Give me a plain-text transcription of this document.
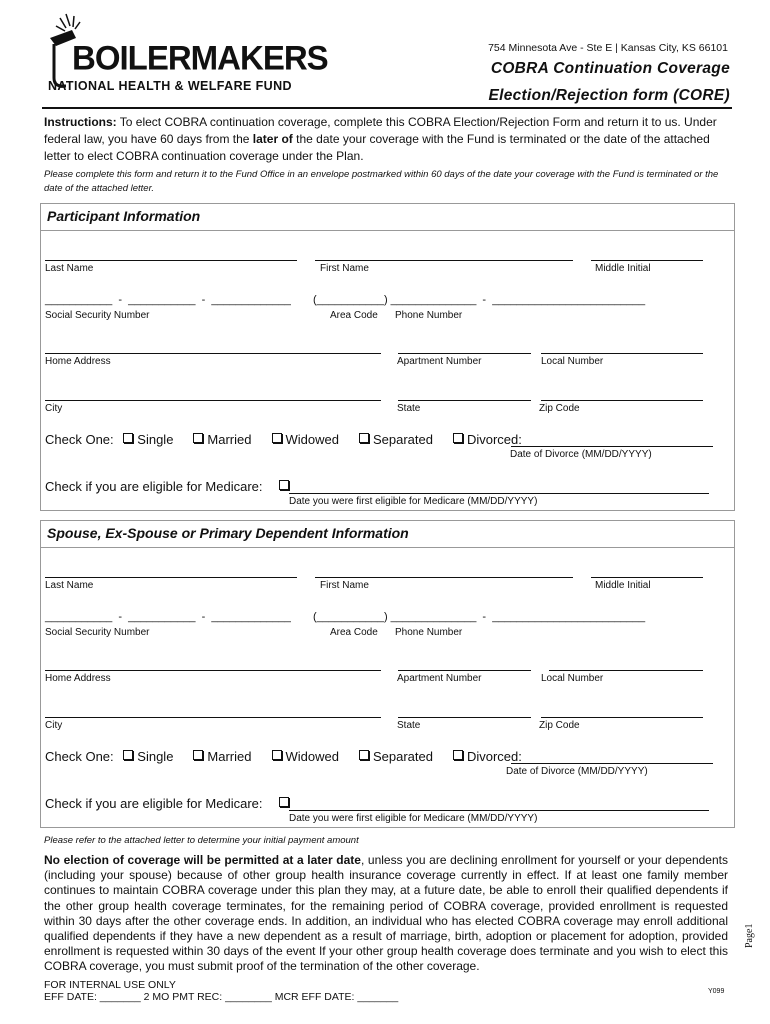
BOILERMAKERS
NATIONAL HEALTH & WELFARE FUND
754 Minnesota Ave - Ste E | Kansas City, KS 66101
COBRA Continuation Coverage
Election/Rejection form (CORE)
Instructions: To elect COBRA continuation coverage, complete this COBRA Election/Rejection Form and return it to us. Under federal law, you have 60 days from the later of the date your coverage with the Fund is terminated or the date of the attached letter to elect COBRA continuation coverage under the Plan.
Please complete this form and return it to the Fund Office in an envelope postmarked within 60 days of the date your coverage with the Fund is terminated or the date of the attached letter.
Participant Information
Last Name	First Name	Middle Initial
___________  -  ___________  -  _____________ (___________) ______________  -  _________________________
Social Security Number	Area Code Phone Number
Home Address	Apartment Number	Local Number
City	State	Zip Code
Check One: Single	Married	Widowed	Separated	Divorced:
Date of Divorce (MM/DD/YYYY)
Check if you are eligible for Medicare:
Date you were first eligible for Medicare (MM/DD/YYYY)
Spouse, Ex-Spouse or Primary Dependent Information
Last Name	First Name	Middle Initial
___________  -  ___________  -  _____________ (___________) ______________  -  _________________________
Social Security Number	Area Code Phone Number
Home Address	Apartment Number	Local Number
City	State	Zip Code
Check One: Single	Married	Widowed	Separated	Divorced:
Date of Divorce (MM/DD/YYYY)
Check if you are eligible for Medicare:
Date you were first eligible for Medicare (MM/DD/YYYY)
Please refer to the attached letter to determine your initial payment amount
No election of coverage will be permitted at a later date, unless you are declining enrollment for yourself or your dependents (including your spouse) because of other group health insurance coverage currently in effect. If at least one family member continues to maintain COBRA coverage under this plan they may, at a future date, be able to enroll their qualified dependents if the other group health coverage terminates, for the remaining period of COBRA coverage, provided enrollment is requested within 30 days after the other coverage ends. In addition, an individual who has elected COBRA coverage may enroll additional qualified dependents if they have a new dependent as a result of marriage, birth, adoption or placement for adoption, provided enrollment is requested within 30 days of the event If your other group health coverage does terminate and you wish to elect this COBRA coverage, you must submit proof of the termination of the other coverage.
FOR INTERNAL USE ONLY
EFF DATE: _______ 2 MO PMT REC: ________ MCR EFF DATE: _______
Page1
Y099
